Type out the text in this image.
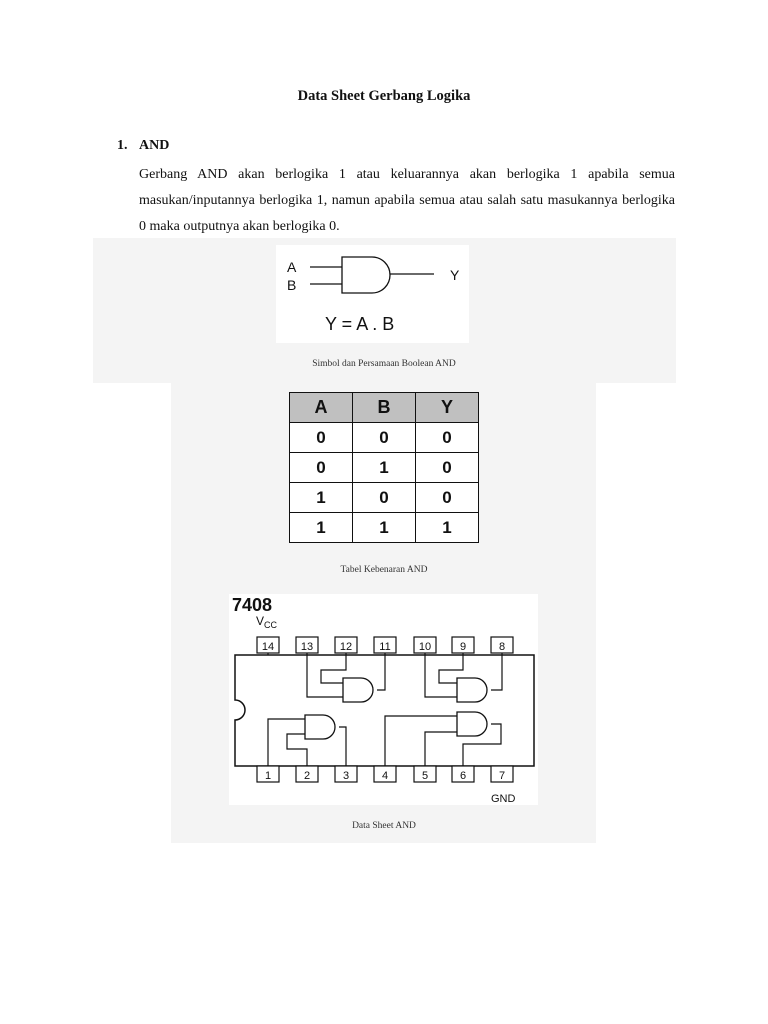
Data Sheet Gerbang Logika
1. AND

Gerbang AND akan berlogika 1 atau keluarannya akan berlogika 1 apabila semua masukan/inputannya berlogika 1, namun apabila semua atau salah satu masukannya berlogika 0 maka outputnya akan berlogika 0.

A
B
Y
Y = A . B
Simbol dan Persamaan Boolean AND
A	B	Y
0	0	0
0	1	0
1	0	0
1	1	1
Tabel Kebenaran AND
7408
$V_{CC}$
14 13 12 11	10	9	8
1	2	3	4	5	6	7
GND
Data Sheet AND
